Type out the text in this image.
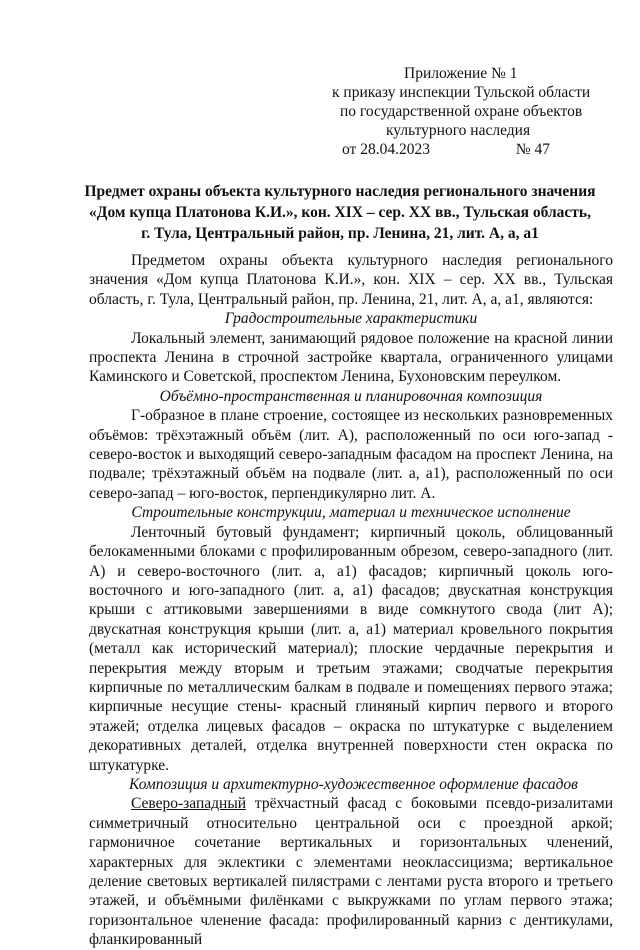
Приложение № 1
к приказу инспекции Тульской области
по государственной охране объектов
культурного наследия
от 28.04.2023	№ 47
Предмет охраны объекта культурного наследия регионального значения
«Дом купца Платонова К.И.», кон. XIX – сер. XX вв., Тульская область,
г. Тула, Центральный район, пр. Ленина, 21, лит. А, а, а1

Предметом охраны объекта культурного наследия регионального значения «Дом купца Платонова К.И.», кон. XIX – сер. XX вв., Тульская область, г. Тула, Центральный район, пр. Ленина, 21, лит. А, а, а1, являются:

Градостроительные характеристики

Локальный элемент, занимающий рядовое положение на красной линии проспекта Ленина в строчной застройке квартала, ограниченного улицами Каминского и Советской, проспектом Ленина, Бухоновским переулком.

Объёмно-пространственная и планировочная композиция

Г-образное в плане строение, состоящее из нескольких разновременных объёмов: трёхэтажный объём (лит. А), расположенный по оси юго-запад - северо-восток и выходящий северо-западным фасадом на проспект Ленина, на подвале; трёхэтажный объём на подвале (лит. а, а1), расположенный по оси северо-запад – юго-восток, перпендикулярно лит. А.

Строительные конструкции, материал и техническое исполнение

Ленточный бутовый фундамент; кирпичный цоколь, облицованный белокаменными блоками с профилированным обрезом, северо-западного (лит. А) и северо-восточного (лит. а, а1) фасадов; кирпичный цоколь юго-восточного и юго-западного (лит. а, а1) фасадов; двускатная конструкция крыши с аттиковыми завершениями в виде сомкнутого свода (лит А); двускатная конструкция крыши (лит. а, а1) материал кровельного покрытия (металл как исторический материал); плоские чердачные перекрытия и перекрытия между вторым и третьим этажами; сводчатые перекрытия кирпичные по металлическим балкам в подвале и помещениях первого этажа; кирпичные несущие стены- красный глиняный кирпич первого и второго этажей; отделка лицевых фасадов – окраска по штукатурке с выделением декоративных деталей, отделка внутренней поверхности стен окраска по штукатурке.

Композиция и архитектурно-художественное оформление фасадов

Северо-западный трёхчастный фасад с боковыми псевдо-ризалитами симметричный относительно центральной оси с проездной аркой; гармоничное сочетание вертикальных и горизонтальных членений, характерных для эклектики с элементами неоклассицизма; вертикальное деление световых вертикалей пилястрами с лентами руста второго и третьего этажей, и объёмными филёнками с выкружками по углам первого этажа; горизонтальное членение фасада: профилированный карниз с дентикулами, фланкированный
